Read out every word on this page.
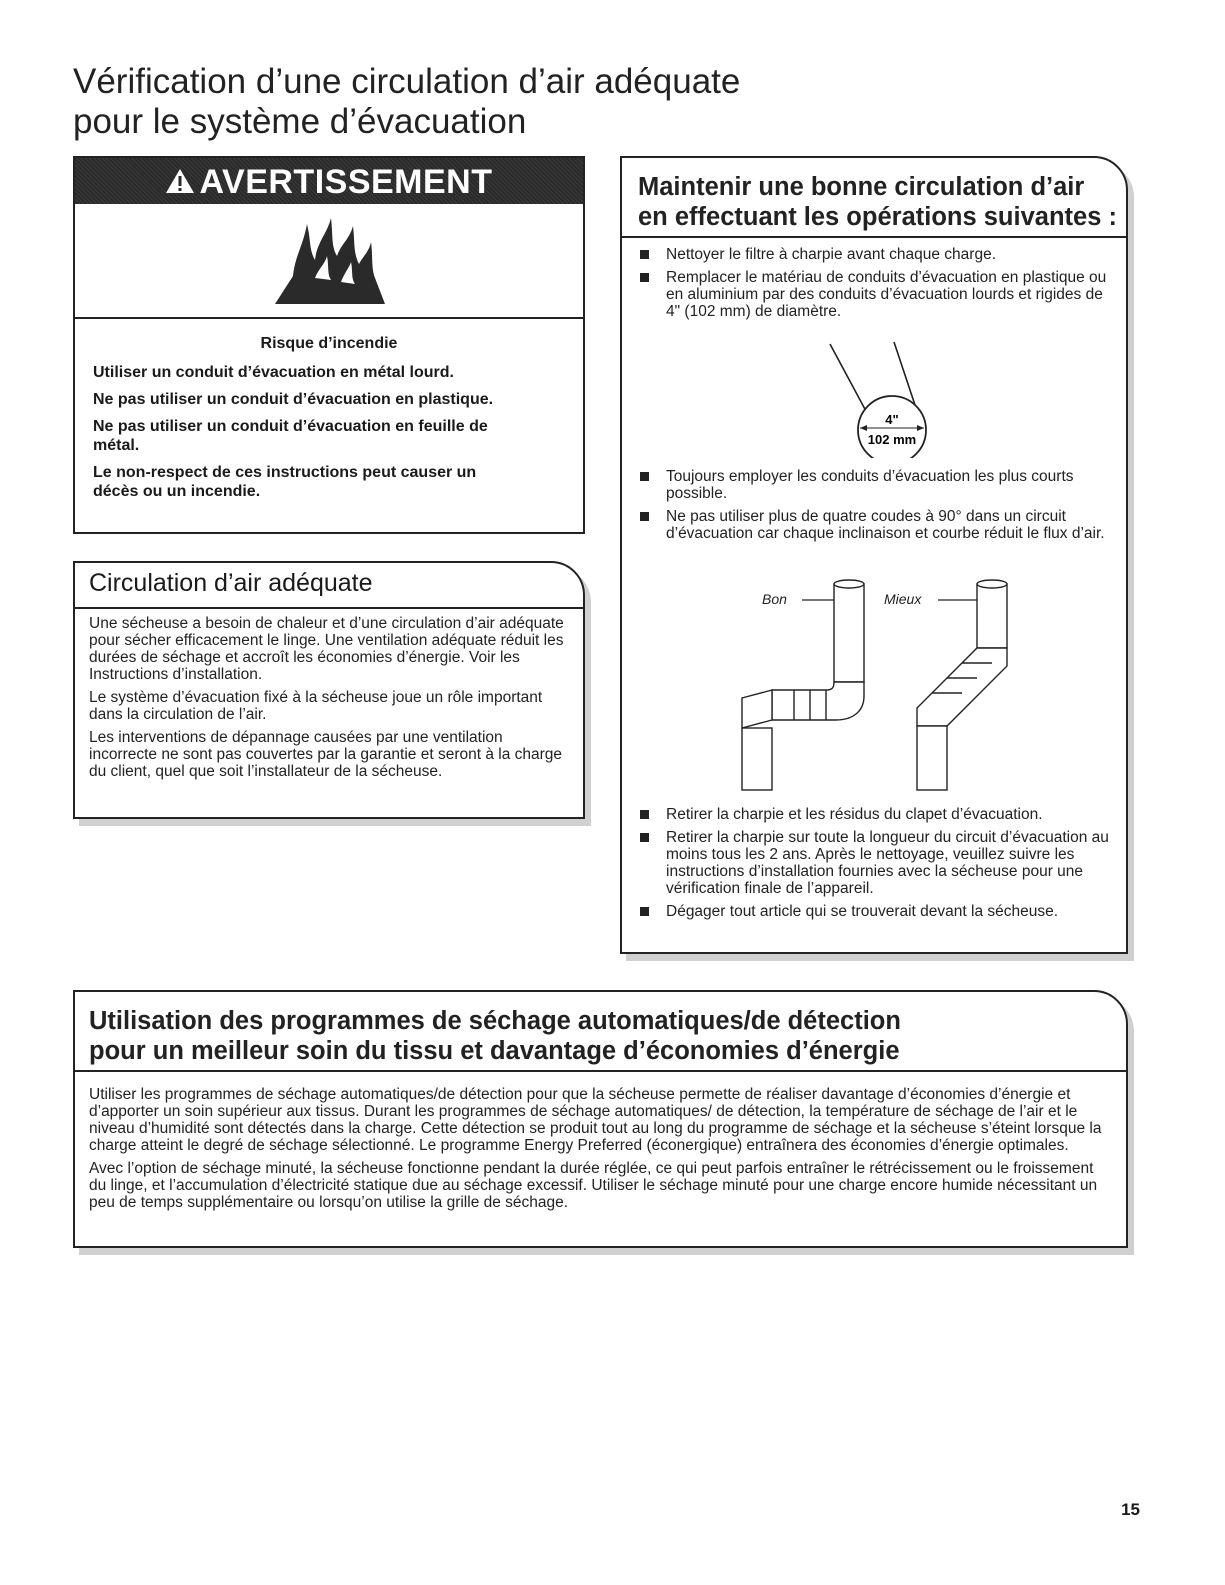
Vérification d’une circulation d’air adéquate
pour le système d’évacuation
AVERTISSEMENT

Risque d’incendie

Utiliser un conduit d’évacuation en métal lourd.

Ne pas utiliser un conduit d’évacuation en plastique.

Ne pas utiliser un conduit d’évacuation en feuille de métal.

Le non-respect de ces instructions peut causer un décès ou un incendie.

Circulation d’air adéquate

Une sécheuse a besoin de chaleur et d’une circulation d’air adéquate pour sécher efficacement le linge. Une ventilation adéquate réduit les durées de séchage et accroît les économies d’énergie. Voir les Instructions d’installation.

Le système d’évacuation fixé à la sécheuse joue un rôle important dans la circulation de l’air.

Les interventions de dépannage causées par une ventilation incorrecte ne sont pas couvertes par la garantie et seront à la charge du client, quel que soit l’installateur de la sécheuse.

Maintenir une bonne circulation d’air
en effectuant les opérations suivantes :
Nettoyer le filtre à charpie avant chaque charge.
Remplacer le matériau de conduits d’évacuation en plastique ou en aluminium par des conduits d’évacuation lourds et rigides de 4" (102 mm) de diamètre.
4"
102 mm
Toujours employer les conduits d’évacuation les plus courts possible.
Ne pas utiliser plus de quatre coudes à 90° dans un circuit d’évacuation car chaque inclinaison et courbe réduit le flux d’air.
Bon	Mieux
Retirer la charpie et les résidus du clapet d’évacuation.
Retirer la charpie sur toute la longueur du circuit d’évacuation au moins tous les 2 ans. Après le nettoyage, veuillez suivre les instructions d’installation fournies avec la sécheuse pour une vérification finale de l’appareil.
Dégager tout article qui se trouverait devant la sécheuse.
Utilisation des programmes de séchage automatiques/de détection
pour un meilleur soin du tissu et davantage d’économies d’énergie

Utiliser les programmes de séchage automatiques/de détection pour que la sécheuse permette de réaliser davantage d’économies d’énergie et d’apporter un soin supérieur aux tissus. Durant les programmes de séchage automatiques/ de détection, la température de séchage de l’air et le niveau d’humidité sont détectés dans la charge. Cette détection se produit tout au long du programme de séchage et la sécheuse s’éteint lorsque la charge atteint le degré de séchage sélectionné. Le programme Energy Preferred (éconergique) entraînera des économies d’énergie optimales.

Avec l’option de séchage minuté, la sécheuse fonctionne pendant la durée réglée, ce qui peut parfois entraîner le rétrécissement ou le froissement du linge, et l’accumulation d’électricité statique due au séchage excessif. Utiliser le séchage minuté pour une charge encore humide nécessitant un peu de temps supplémentaire ou lorsqu’on utilise la grille de séchage.

15
